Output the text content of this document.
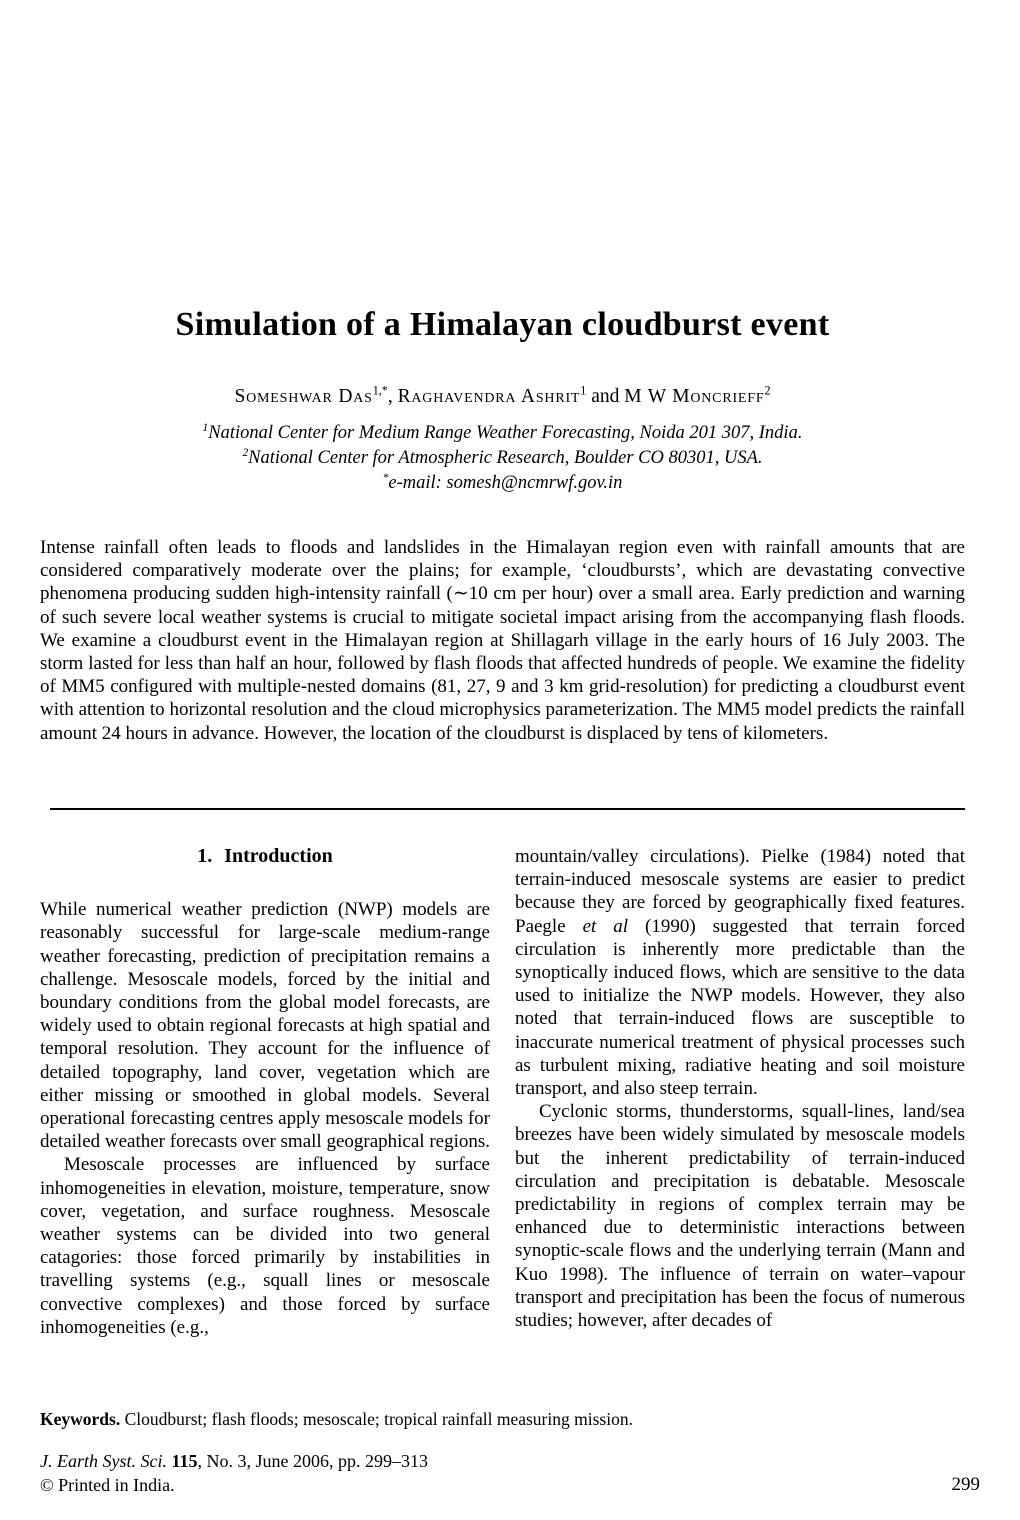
Simulation of a Himalayan cloudburst event
Someshwar Das$^{1,*}$, Raghavendra Ashrit$^1$ and M W Moncrieff$^2$
$^1$National Center for Medium Range Weather Forecasting, Noida 201 307, India.
$^2$National Center for Atmospheric Research, Boulder CO 80301, USA.
*e-mail: somesh@ncmrwf.gov.in

Intense rainfall often leads to floods and landslides in the Himalayan region even with rainfall amounts that are considered comparatively moderate over the plains; for example, ‘cloudbursts’, which are devastating convective phenomena producing sudden high-intensity rainfall (∼10 cm per hour) over a small area. Early prediction and warning of such severe local weather systems is crucial to mitigate societal impact arising from the accompanying flash floods. We examine a cloudburst event in the Himalayan region at Shillagarh village in the early hours of 16 July 2003. The storm lasted for less than half an hour, followed by flash floods that affected hundreds of people. We examine the fidelity of MM5 configured with multiple-nested domains (81, 27, 9 and 3 km grid-resolution) for predicting a cloudburst event with attention to horizontal resolution and the cloud microphysics parameterization. The MM5 model predicts the rainfall amount 24 hours in advance. However, the location of the cloudburst is displaced by tens of kilometers.

1. Introduction

While numerical weather prediction (NWP) models are reasonably successful for large-scale medium-range weather forecasting, prediction of precipitation remains a challenge. Mesoscale models, forced by the initial and boundary conditions from the global model forecasts, are widely used to obtain regional forecasts at high spatial and temporal resolution. They account for the influence of detailed topography, land cover, vegetation which are either missing or smoothed in global models. Several operational forecasting centres apply mesoscale models for detailed weather forecasts over small geographical regions.

Mesoscale processes are influenced by surface inhomogeneities in elevation, moisture, temperature, snow cover, vegetation, and surface roughness. Mesoscale weather systems can be divided into two general catagories: those forced primarily by instabilities in travelling systems (e.g., squall lines or mesoscale convective complexes) and those forced by surface inhomogeneities (e.g.,

mountain/valley circulations). Pielke (1984) noted that terrain-induced mesoscale systems are easier to predict because they are forced by geographically fixed features. Paegle et al (1990) suggested that terrain forced circulation is inherently more predictable than the synoptically induced flows, which are sensitive to the data used to initialize the NWP models. However, they also noted that terrain-induced flows are susceptible to inaccurate numerical treatment of physical processes such as turbulent mixing, radiative heating and soil moisture transport, and also steep terrain.

Cyclonic storms, thunderstorms, squall-lines, land/sea breezes have been widely simulated by mesoscale models but the inherent predictability of terrain-induced circulation and precipitation is debatable. Mesoscale predictability in regions of complex terrain may be enhanced due to deterministic interactions between synoptic-scale flows and the underlying terrain (Mann and Kuo 1998). The influence of terrain on water–vapour transport and precipitation has been the focus of numerous studies; however, after decades of

Keywords. Cloudburst; flash floods; mesoscale; tropical rainfall measuring mission.

J. Earth Syst. Sci. 115, No. 3, June 2006, pp. 299–313

© Printed in India.	299
